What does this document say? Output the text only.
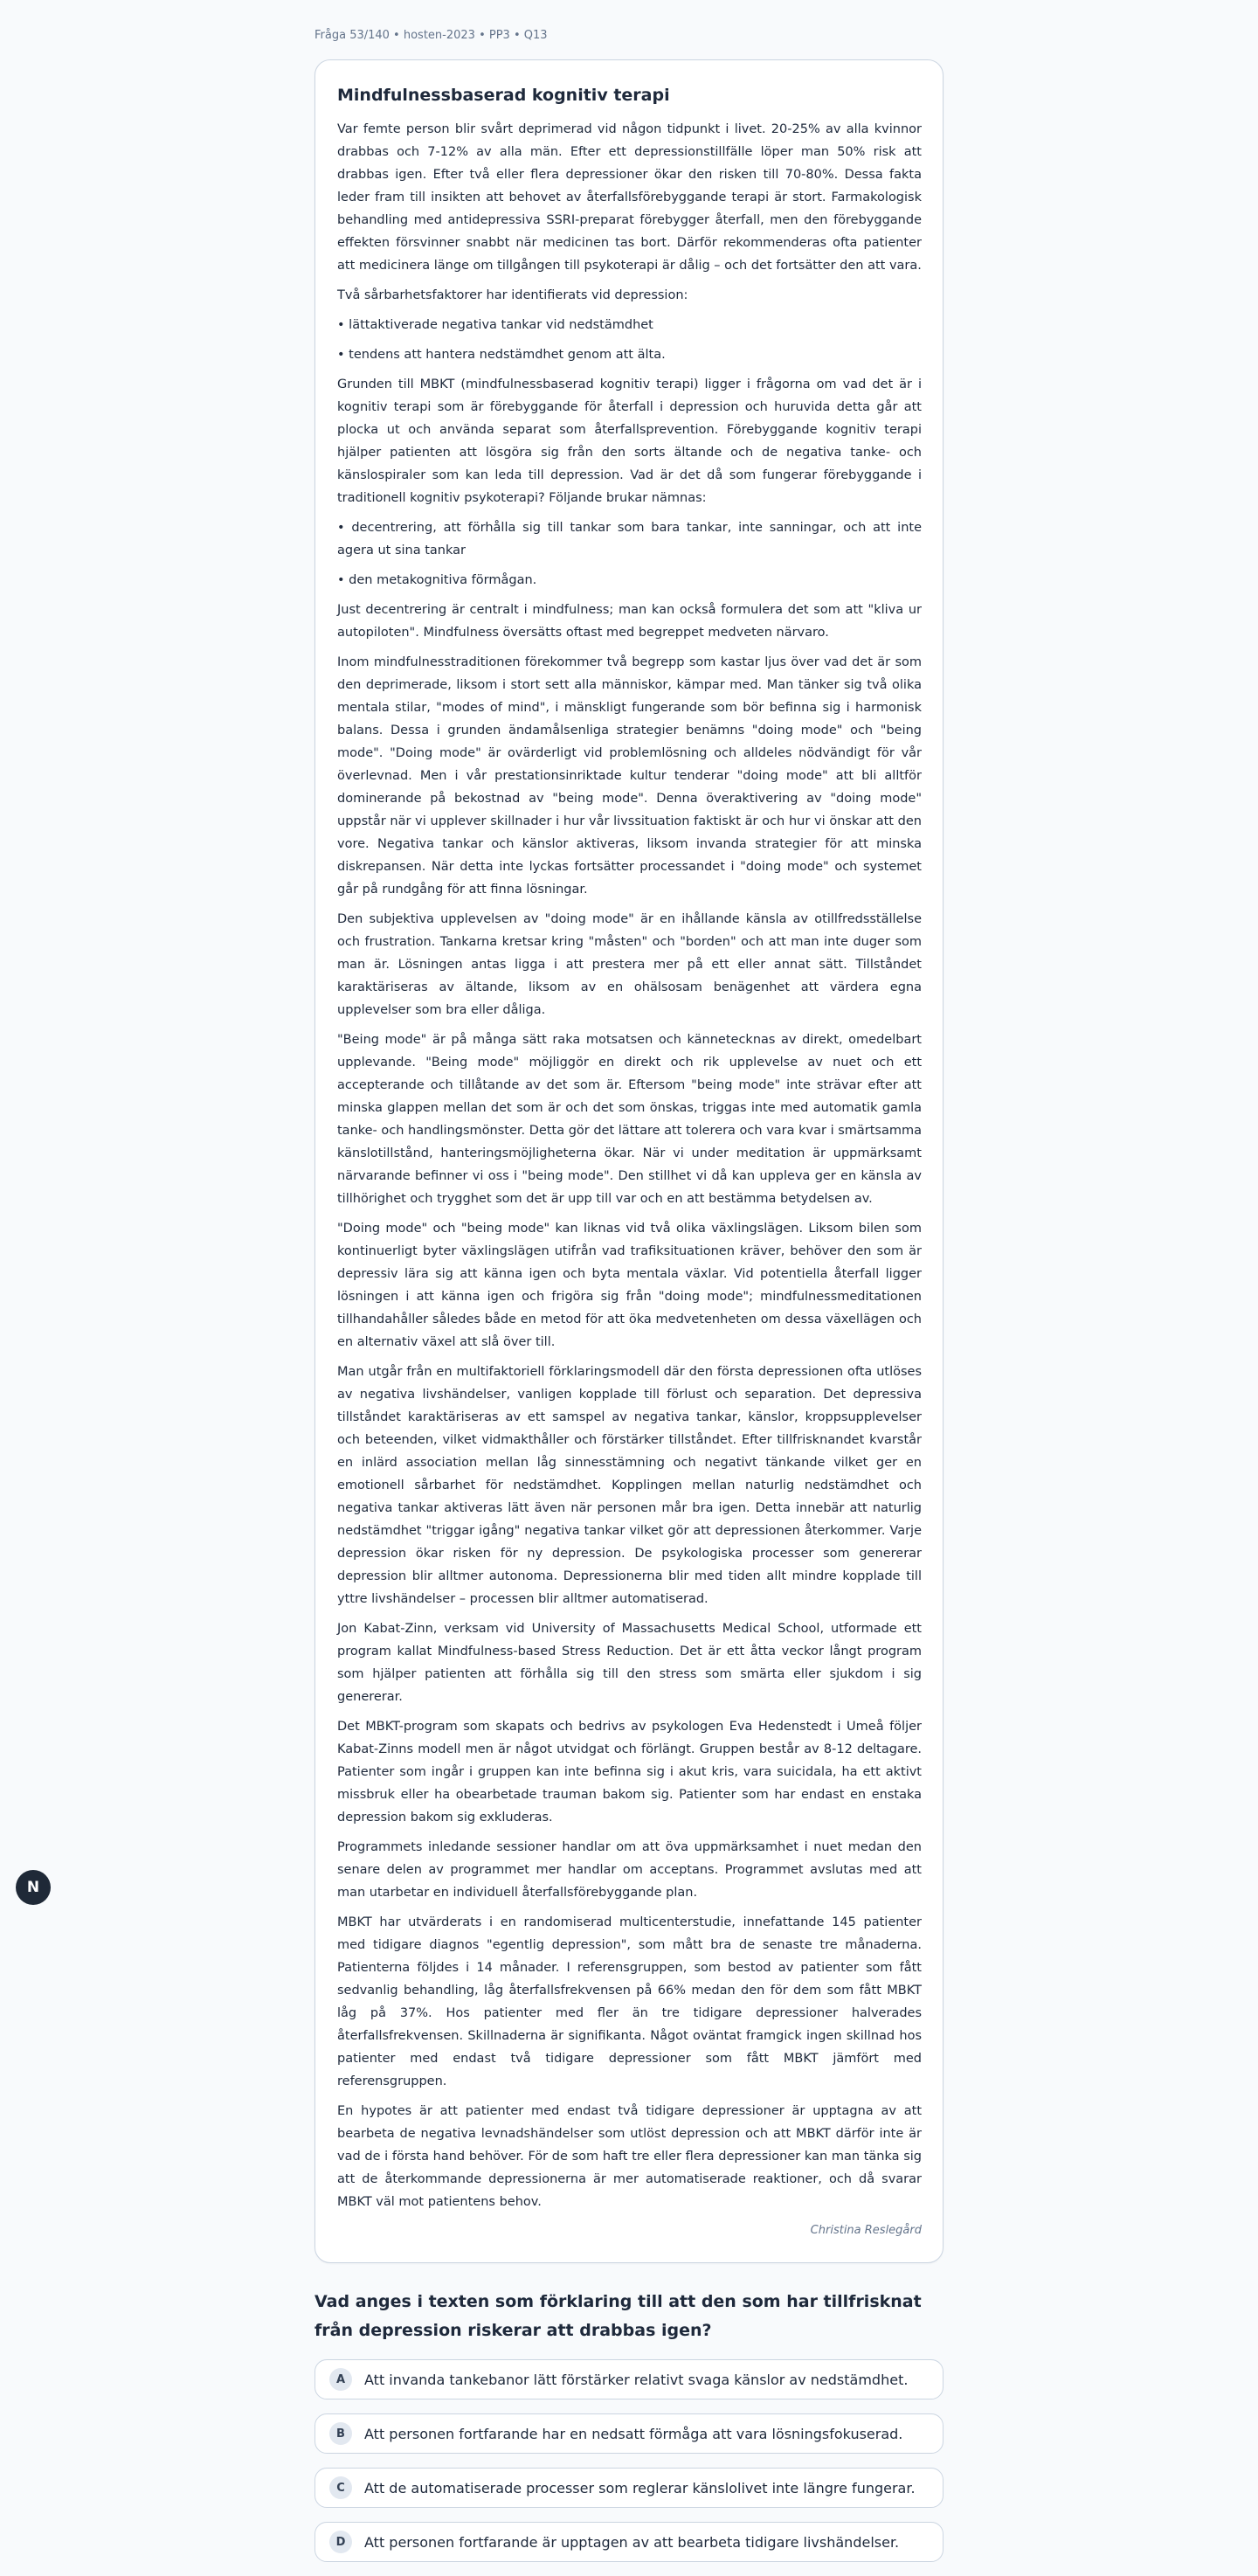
Fråga 53/140 • hosten-2023 • PP3 • Q13
Mindfulnessbaserad kognitiv terapi

Var femte person blir svårt deprimerad vid någon tidpunkt i livet. 20-25% av alla kvinnor drabbas och 7-12% av alla män. Efter ett depressionstillfälle löper man 50% risk att drabbas igen. Efter två eller flera depressioner ökar den risken till 70-80%. Dessa fakta leder fram till insikten att behovet av återfallsförebyggande terapi är stort. Farmakologisk behandling med antidepressiva SSRI-preparat förebygger återfall, men den förebyggande effekten försvinner snabbt när medicinen tas bort. Därför rekommenderas ofta patienter att medicinera länge om tillgången till psykoterapi är dålig – och det fortsätter den att vara.

Två sårbarhetsfaktorer har identifierats vid depression:

• lättaktiverade negativa tankar vid nedstämdhet

• tendens att hantera nedstämdhet genom att älta.

Grunden till MBKT (mindfulnessbaserad kognitiv terapi) ligger i frågorna om vad det är i kognitiv terapi som är förebyggande för återfall i depression och huruvida detta går att plocka ut och använda separat som återfallsprevention. Förebyggande kognitiv terapi hjälper patienten att lösgöra sig från den sorts ältande och de negativa tanke- och känslospiraler som kan leda till depression. Vad är det då som fungerar förebyggande i traditionell kognitiv psykoterapi? Följande brukar nämnas:

• decentrering, att förhålla sig till tankar som bara tankar, inte sanningar, och att inte agera ut sina tankar

• den metakognitiva förmågan.

Just decentrering är centralt i mindfulness; man kan också formulera det som att "kliva ur autopiloten". Mindfulness översätts oftast med begreppet medveten närvaro.

Inom mindfulnesstraditionen förekommer två begrepp som kastar ljus över vad det är som den deprimerade, liksom i stort sett alla människor, kämpar med. Man tänker sig två olika mentala stilar, "modes of mind", i mänskligt fungerande som bör befinna sig i harmonisk balans. Dessa i grunden ändamålsenliga strategier benämns "doing mode" och "being mode". "Doing mode" är ovärderligt vid problemlösning och alldeles nödvändigt för vår överlevnad. Men i vår prestationsinriktade kultur tenderar "doing mode" att bli alltför dominerande på bekostnad av "being mode". Denna överaktivering av "doing mode" uppstår när vi upplever skillnader i hur vår livssituation faktiskt är och hur vi önskar att den vore. Negativa tankar och känslor aktiveras, liksom invanda strategier för att minska diskrepansen. När detta inte lyckas fortsätter processandet i "doing mode" och systemet går på rundgång för att finna lösningar.

Den subjektiva upplevelsen av "doing mode" är en ihållande känsla av otillfredsställelse och frustration. Tankarna kretsar kring "måsten" och "borden" och att man inte duger som man är. Lösningen antas ligga i att prestera mer på ett eller annat sätt. Tillståndet karaktäriseras av ältande, liksom av en ohälsosam benägenhet att värdera egna upplevelser som bra eller dåliga.

"Being mode" är på många sätt raka motsatsen och kännetecknas av direkt, omedelbart upplevande. "Being mode" möjliggör en direkt och rik upplevelse av nuet och ett accepterande och tillåtande av det som är. Eftersom "being mode" inte strävar efter att minska glappen mellan det som är och det som önskas, triggas inte med automatik gamla tanke- och handlingsmönster. Detta gör det lättare att tolerera och vara kvar i smärtsamma känslotillstånd, hanteringsmöjligheterna ökar. När vi under meditation är uppmärksamt närvarande befinner vi oss i "being mode". Den stillhet vi då kan uppleva ger en känsla av tillhörighet och trygghet som det är upp till var och en att bestämma betydelsen av.

"Doing mode" och "being mode" kan liknas vid två olika växlingslägen. Liksom bilen som kontinuerligt byter växlingslägen utifrån vad trafiksituationen kräver, behöver den som är depressiv lära sig att känna igen och byta mentala växlar. Vid potentiella återfall ligger lösningen i att känna igen och frigöra sig från "doing mode"; mindfulnessmeditationen tillhandahåller således både en metod för att öka medvetenheten om dessa växellägen och en alternativ växel att slå över till.

Man utgår från en multifaktoriell förklaringsmodell där den första depressionen ofta utlöses av negativa livshändelser, vanligen kopplade till förlust och separation. Det depressiva tillståndet karaktäriseras av ett samspel av negativa tankar, känslor, kroppsupplevelser och beteenden, vilket vidmakthåller och förstärker tillståndet. Efter tillfrisknandet kvarstår en inlärd association mellan låg sinnesstämning och negativt tänkande vilket ger en emotionell sårbarhet för nedstämdhet. Kopplingen mellan naturlig nedstämdhet och negativa tankar aktiveras lätt även när personen mår bra igen. Detta innebär att naturlig nedstämdhet "triggar igång" negativa tankar vilket gör att depressionen återkommer. Varje depression ökar risken för ny depression. De psykologiska processer som genererar depression blir alltmer autonoma. Depressionerna blir med tiden allt mindre kopplade till yttre livshändelser – processen blir alltmer automatiserad.

Jon Kabat-Zinn, verksam vid University of Massachusetts Medical School, utformade ett program kallat Mindfulness-based Stress Reduction. Det är ett åtta veckor långt program som hjälper patienten att förhålla sig till den stress som smärta eller sjukdom i sig genererar.

Det MBKT-program som skapats och bedrivs av psykologen Eva Hedenstedt i Umeå följer Kabat-Zinns modell men är något utvidgat och förlängt. Gruppen består av 8-12 deltagare. Patienter som ingår i gruppen kan inte befinna sig i akut kris, vara suicidala, ha ett aktivt missbruk eller ha obearbetade trauman bakom sig. Patienter som har endast en enstaka depression bakom sig exkluderas.

Programmets inledande sessioner handlar om att öva uppmärksamhet i nuet medan den senare delen av programmet mer handlar om acceptans. Programmet avslutas med att man utarbetar en individuell återfallsförebyggande plan.

MBKT har utvärderats i en randomiserad multicenterstudie, innefattande 145 patienter med tidigare diagnos "egentlig depression", som mått bra de senaste tre månaderna. Patienterna följdes i 14 månader. I referensgruppen, som bestod av patienter som fått sedvanlig behandling, låg återfallsfrekvensen på 66% medan den för dem som fått MBKT låg på 37%. Hos patienter med fler än tre tidigare depressioner halverades återfallsfrekvensen. Skillnaderna är signifikanta. Något oväntat framgick ingen skillnad hos patienter med endast två tidigare depressioner som fått MBKT jämfört med referensgruppen.

En hypotes är att patienter med endast två tidigare depressioner är upptagna av att bearbeta de negativa levnadshändelser som utlöst depression och att MBKT därför inte är vad de i första hand behöver. För de som haft tre eller flera depressioner kan man tänka sig att de återkommande depressionerna är mer automatiserade reaktioner, och då svarar MBKT väl mot patientens behov.

Christina Reslegård
Vad anges i texten som förklaring till att den som har tillfrisknat från depression riskerar att drabbas igen?
A	Att invanda tankebanor lätt förstärker relativt svaga känslor av nedstämdhet.
B	Att personen fortfarande har en nedsatt förmåga att vara lösningsfokuserad.
C	Att de automatiserade processer som reglerar känslolivet inte längre fungerar.
D	Att personen fortfarande är upptagen av att bearbeta tidigare livshändelser.
N
